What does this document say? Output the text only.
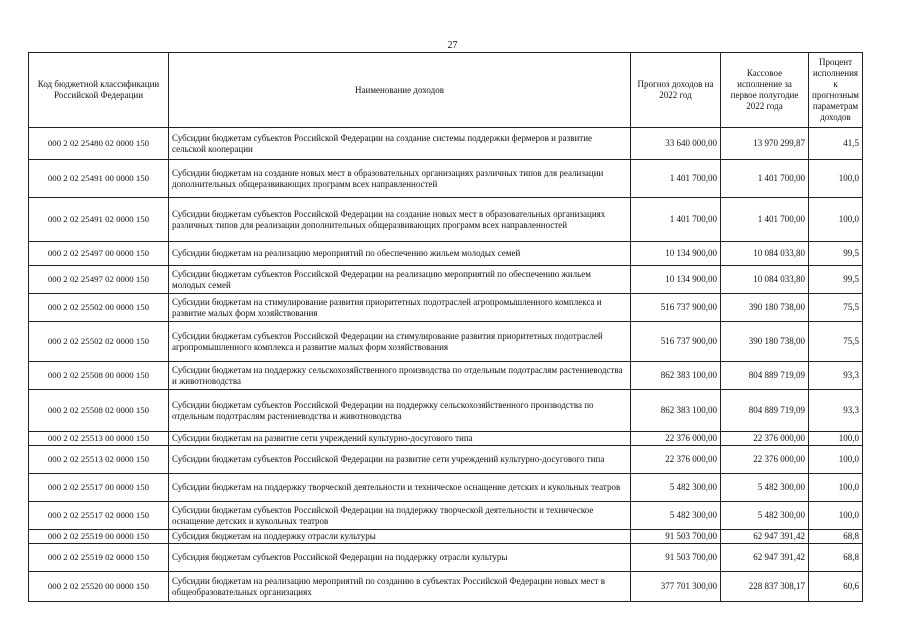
27
Код бюджетной классификации Российской Федерации	Наименование доходов	Прогноз доходов на 2022 год	Кассовое исполнение за первое полугодие 2022 года	Процент исполнения к прогнозным параметрам доходов
000 2 02 25480 02 0000 150	Субсидии бюджетам субъектов Российской Федерации на создание системы поддержки фермеров и развитие сельской кооперации	33 640 000,00	13 970 299,87	41,5
000 2 02 25491 00 0000 150	Субсидии бюджетам на создание новых мест в образовательных организациях различных типов для реализации дополнительных общеразвивающих программ всех направленностей	1 401 700,00	1 401 700,00	100,0
000 2 02 25491 02 0000 150	Субсидии бюджетам субъектов Российской Федерации на создание новых мест в образовательных организациях различных типов для реализации дополнительных общеразвивающих программ всех направленностей	1 401 700,00	1 401 700,00	100,0
000 2 02 25497 00 0000 150	Субсидии бюджетам на реализацию мероприятий по обеспечению жильем молодых семей	10 134 900,00	10 084 033,80	99,5
000 2 02 25497 02 0000 150	Субсидии бюджетам субъектов Российской Федерации на реализацию мероприятий по обеспечению жильем молодых семей	10 134 900,00	10 084 033,80	99,5
000 2 02 25502 00 0000 150	Субсидии бюджетам на стимулирование развития приоритетных подотраслей агропромышленного комплекса и развитие малых форм хозяйствования	516 737 900,00	390 180 738,00	75,5
000 2 02 25502 02 0000 150	Субсидии бюджетам субъектов Российской Федерации на стимулирование развития приоритетных подотраслей агропромышленного комплекса и развитие малых форм хозяйствования	516 737 900,00	390 180 738,00	75,5
000 2 02 25508 00 0000 150	Субсидии бюджетам на поддержку сельскохозяйственного производства по отдельным подотраслям растениеводства и животноводства	862 383 100,00	804 889 719,09	93,3
000 2 02 25508 02 0000 150	Субсидии бюджетам субъектов Российской Федерации на поддержку сельскохозяйственного производства по отдельным подотраслям растениеводства и животноводства	862 383 100,00	804 889 719,09	93,3
000 2 02 25513 00 0000 150	Субсидии бюджетам на развитие сети учреждений культурно-досугового типа	22 376 000,00	22 376 000,00	100,0
000 2 02 25513 02 0000 150	Субсидии бюджетам субъектов Российской Федерации на развитие сети учреждений культурно-досугового типа	22 376 000,00	22 376 000,00	100,0
000 2 02 25517 00 0000 150	Субсидии бюджетам на поддержку творческой деятельности и техническое оснащение детских и кукольных театров	5 482 300,00	5 482 300,00	100,0
000 2 02 25517 02 0000 150	Субсидии бюджетам субъектов Российской Федерации на поддержку творческой деятельности и техническое оснащение детских и кукольных театров	5 482 300,00	5 482 300,00	100,0
000 2 02 25519 00 0000 150	Субсидия бюджетам на поддержку отрасли культуры	91 503 700,00	62 947 391,42	68,8
000 2 02 25519 02 0000 150	Субсидия бюджетам субъектов Российской Федерации на поддержку отрасли культуры	91 503 700,00	62 947 391,42	68,8
000 2 02 25520 00 0000 150	Субсидии бюджетам на реализацию мероприятий по созданию в субъектах Российской Федерации новых мест в общеобразовательных организациях	377 701 300,00	228 837 308,17	60,6
